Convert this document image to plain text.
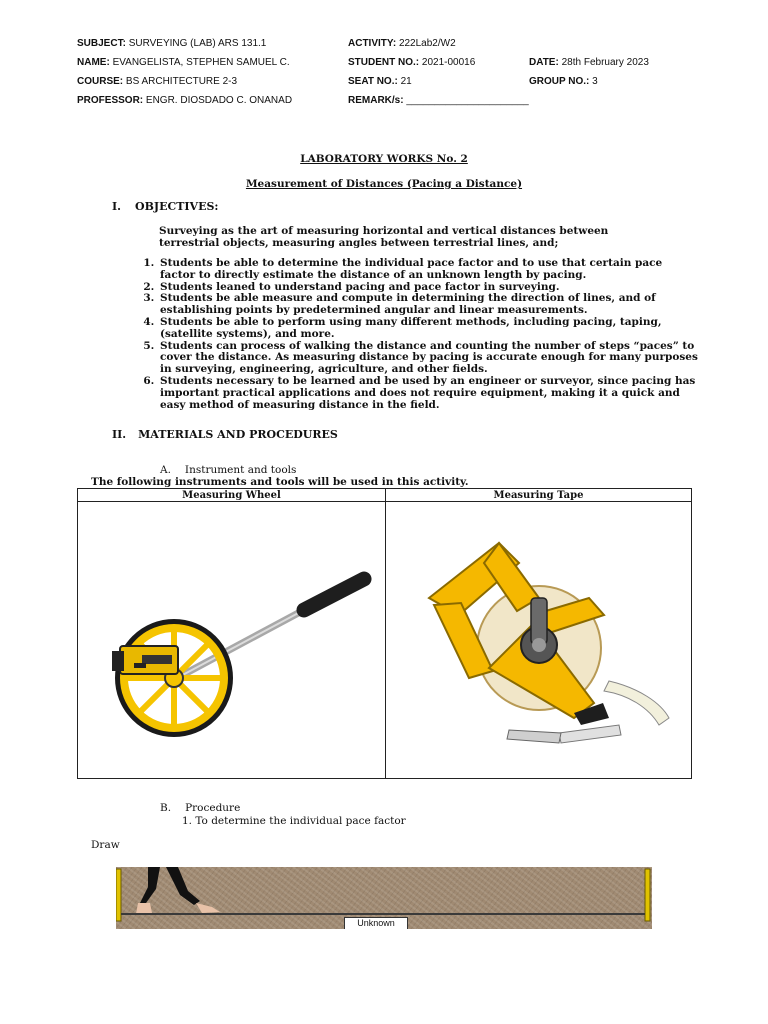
SUBJECT: SURVEYING (LAB) ARS 131.1	ACTIVITY: 222Lab2/W2
NAME: EVANGELISTA, STEPHEN SAMUEL C.	STUDENT NO.: 2021-00016	DATE: 28th February 2023
COURSE: BS ARCHITECTURE 2-3	SEAT NO.: 21	GROUP NO.: 3
PROFESSOR: ENGR. DIOSDADO C. ONANAD	REMARK/s: ______________________
LABORATORY WORKS No. 2
Measurement of Distances (Pacing a Distance)
I. OBJECTIVES:
Surveying as the art of measuring horizontal and vertical distances between terrestrial objects, measuring angles between terrestrial lines, and;
1. Students be able to determine the individual pace factor and to use that certain pace factor to directly estimate the distance of an unknown length by pacing.
2. Students leaned to understand pacing and pace factor in surveying.
3. Students be able measure and compute in determining the direction of lines, and of establishing points by predetermined angular and linear measurements.
4. Students be able to perform using many different methods, including pacing, taping, (satellite systems), and more.
5. Students can process of walking the distance and counting the number of steps “paces” to cover the distance. As measuring distance by pacing is accurate enough for many purposes in surveying, engineering, agriculture, and other fields.
6. Students necessary to be learned and be used by an engineer or surveyor, since pacing has important practical applications and does not require equipment, making it a quick and easy method of measuring distance in the field.
II. MATERIALS AND PROCEDURES
A. Instrument and tools
The following instruments and tools will be used in this activity.
Measuring Wheel	Measuring Tape

B. Procedure
1. To determine the individual pace factor
Draw
Unknown
